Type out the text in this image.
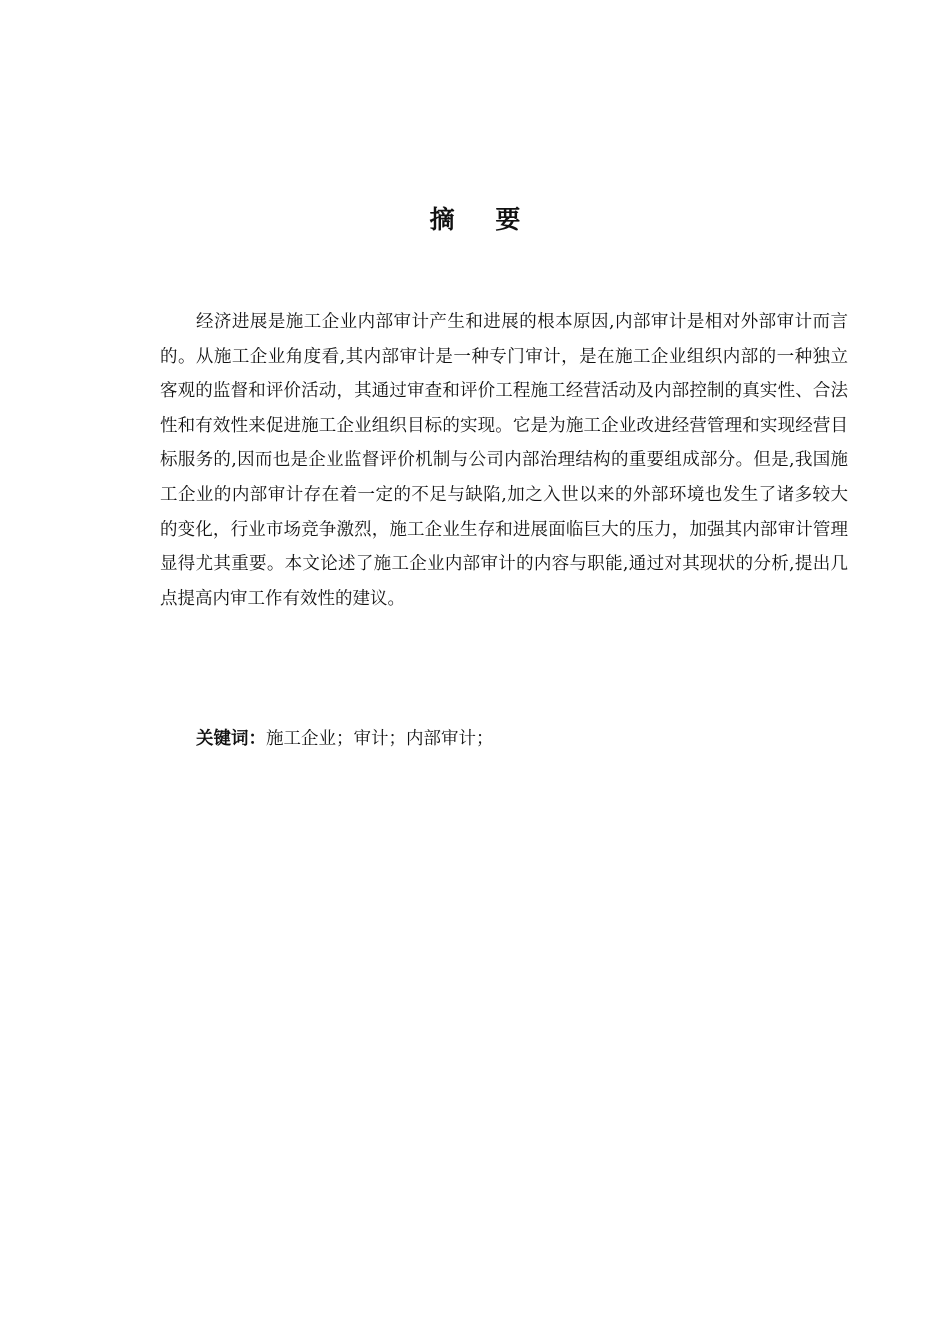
摘 要

经济进展是施工企业内部审计产生和进展的根本原因,内部审计是相对外部审计而言的。从施工企业角度看,其内部审计是一种专门审计，是在施工企业组织内部的一种独立客观的监督和评价活动，其通过审查和评价工程施工经营活动及内部控制的真实性、合法性和有效性来促进施工企业组织目标的实现。它是为施工企业改进经营管理和实现经营目标服务的,因而也是企业监督评价机制与公司内部治理结构的重要组成部分。但是,我国施工企业的内部审计存在着一定的不足与缺陷,加之入世以来的外部环境也发生了诸多较大的变化，行业市场竞争激烈，施工企业生存和进展面临巨大的压力，加强其内部审计管理显得尤其重要。本文论述了施工企业内部审计的内容与职能,通过对其现状的分析,提出几点提高内审工作有效性的建议。

关键词：施工企业；审计；内部审计；
